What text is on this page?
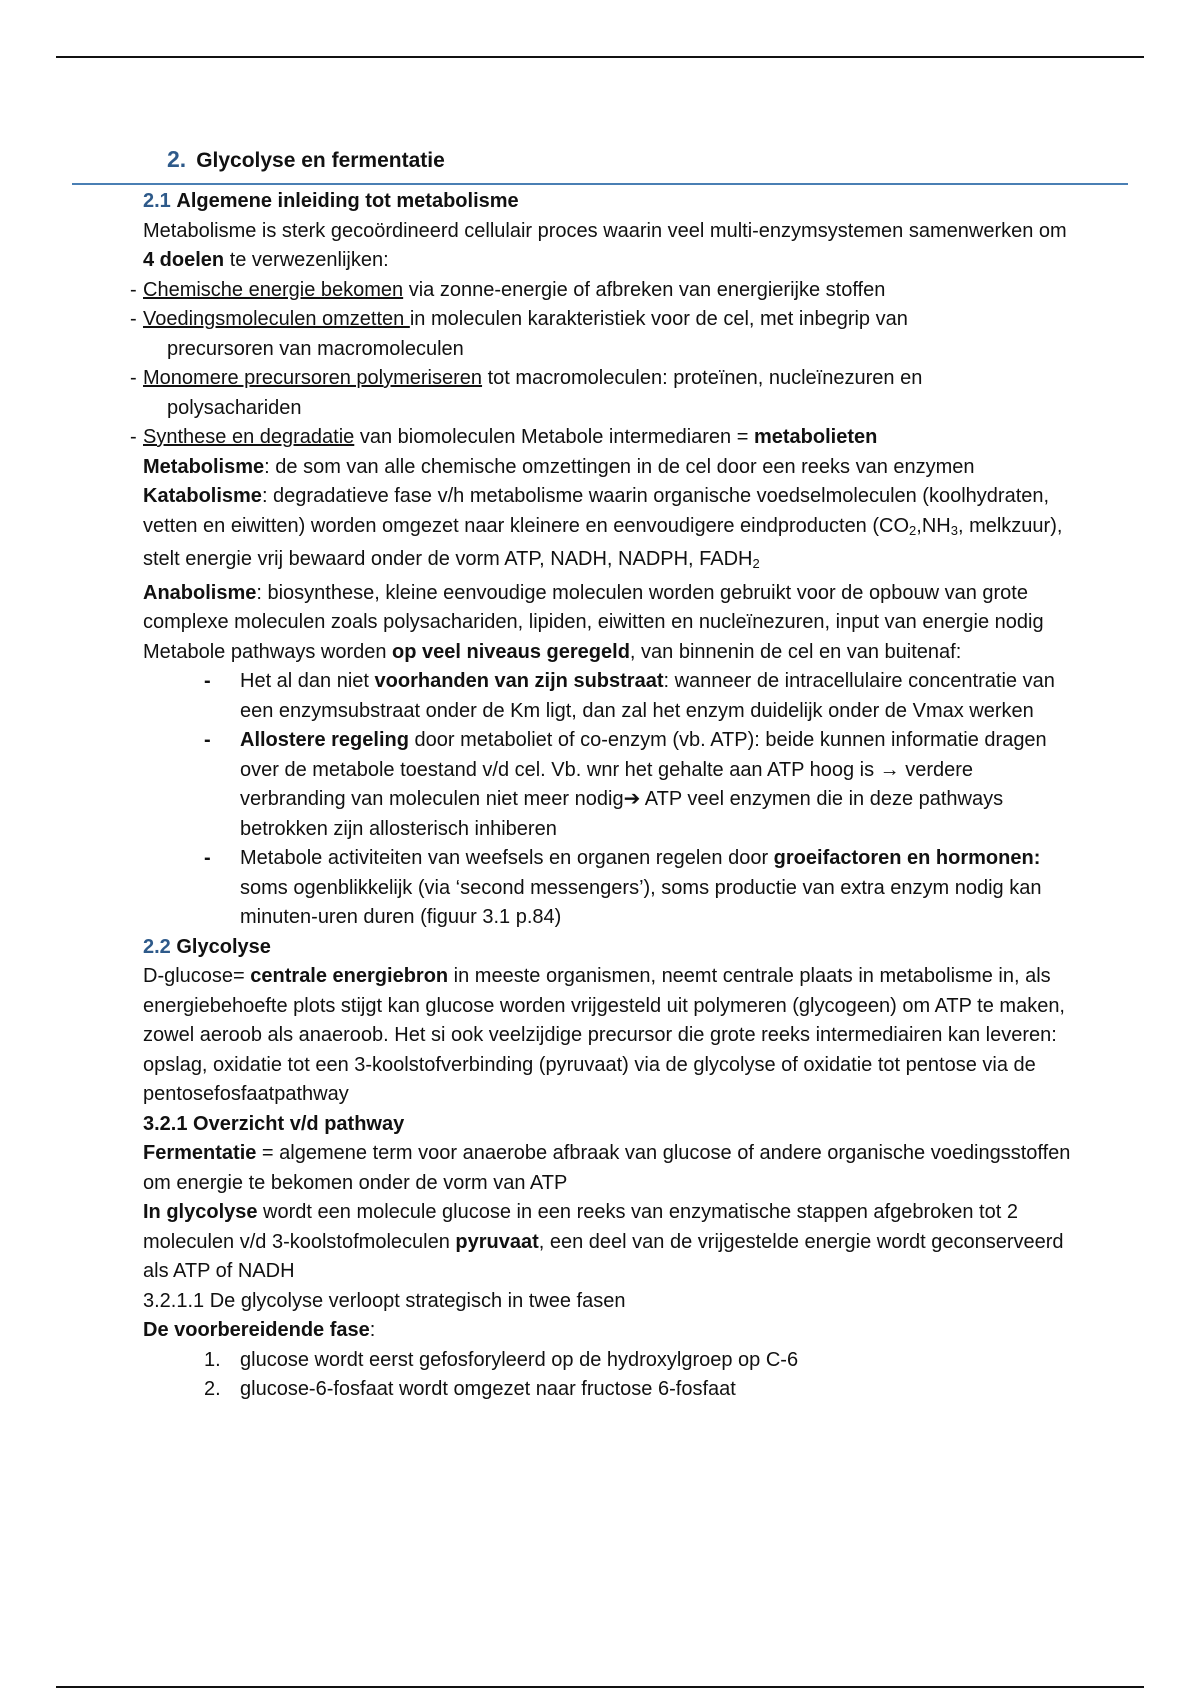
2. Glycolyse en fermentatie

2.1 Algemene inleiding tot metabolisme

Metabolisme is sterk gecoördineerd cellulair proces waarin veel multi-enzymsystemen samenwerken om 4 doelen te verwezenlijken:

- Chemische energie bekomen via zonne-energie of afbreken van energierijke stoffen

- Voedingsmoleculen omzetten in moleculen karakteristiek voor de cel, met inbegrip van

precursoren van macromoleculen

- Monomere precursoren polymeriseren tot macromoleculen: proteïnen, nucleïnezuren en

polysachariden

- Synthese en degradatie van biomoleculen Metabole intermediaren = metabolieten

Metabolisme: de som van alle chemische omzettingen in de cel door een reeks van enzymen

Katabolisme: degradatieve fase v/h metabolisme waarin organische voedselmoleculen (koolhydraten, vetten en eiwitten) worden omgezet naar kleinere en eenvoudigere eindproducten ($CO_2,NH_3$, melkzuur), stelt energie vrij bewaard onder de vorm ATP, NADH, NADPH, $FADH_2$

Anabolisme: biosynthese, kleine eenvoudige moleculen worden gebruikt voor de opbouw van grote complexe moleculen zoals polysachariden, lipiden, eiwitten en nucleïnezuren, input van energie nodig

Metabole pathways worden op veel niveaus geregeld, van binnenin de cel en van buitenaf:

- Het al dan niet voorhanden van zijn substraat: wanneer de intracellulaire concentratie van een enzymsubstraat onder de Km ligt, dan zal het enzym duidelijk onder de Vmax werken
- Allostere regeling door metaboliet of co-enzym (vb. ATP): beide kunnen informatie dragen over de metabole toestand v/d cel. Vb. wnr het gehalte aan ATP hoog is → verdere verbranding van moleculen niet meer nodig➔ ATP veel enzymen die in deze pathways betrokken zijn allosterisch inhiberen
- Metabole activiteiten van weefsels en organen regelen door groeifactoren en hormonen: soms ogenblikkelijk (via ‘second messengers’), soms productie van extra enzym nodig kan minuten-uren duren (figuur 3.1 p.84)

2.2 Glycolyse

D-glucose= centrale energiebron in meeste organismen, neemt centrale plaats in metabolisme in, als energiebehoefte plots stijgt kan glucose worden vrijgesteld uit polymeren (glycogeen) om ATP te maken, zowel aeroob als anaeroob. Het si ook veelzijdige precursor die grote reeks intermediairen kan leveren: opslag, oxidatie tot een 3-koolstofverbinding (pyruvaat) via de glycolyse of oxidatie tot pentose via de pentosefosfaatpathway

3.2.1 Overzicht v/d pathway

Fermentatie = algemene term voor anaerobe afbraak van glucose of andere organische voedingsstoffen om energie te bekomen onder de vorm van ATP

In glycolyse wordt een molecule glucose in een reeks van enzymatische stappen afgebroken tot 2 moleculen v/d 3-koolstofmoleculen pyruvaat, een deel van de vrijgestelde energie wordt geconserveerd als ATP of NADH

3.2.1.1 De glycolyse verloopt strategisch in twee fasen

De voorbereidende fase:

1. glucose wordt eerst gefosforyleerd op de hydroxylgroep op C-6
2. glucose-6-fosfaat wordt omgezet naar fructose 6-fosfaat
